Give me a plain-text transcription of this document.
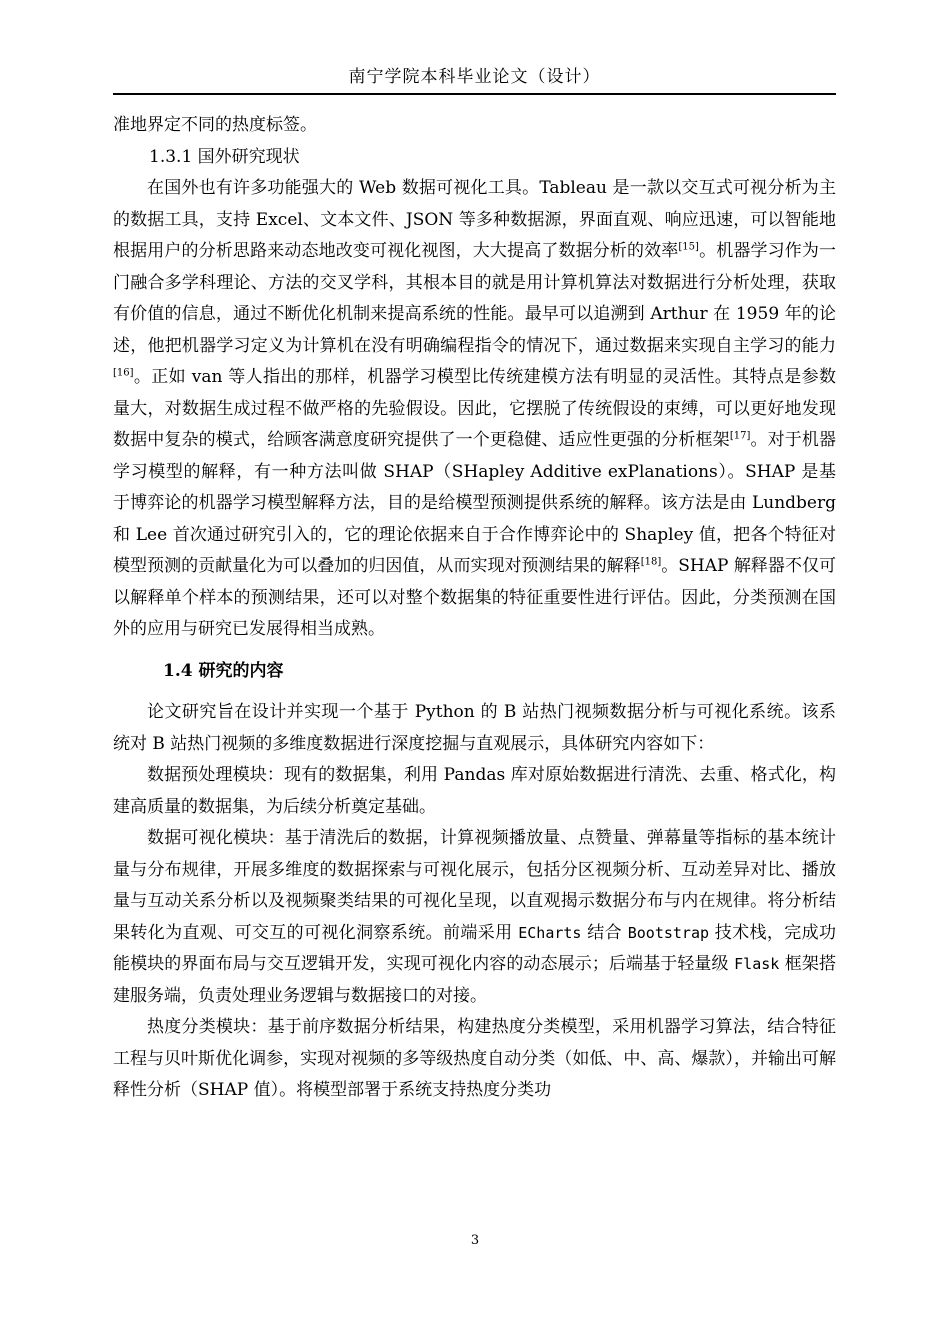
南宁学院本科毕业论文（设计）

准地界定不同的热度标签。

1.3.1 国外研究现状

在国外也有许多功能强大的 Web 数据可视化工具。Tableau 是一款以交互式可视分析为主的数据工具，支持 Excel、文本文件、JSON 等多种数据源，界面直观、响应迅速，可以智能地根据用户的分析思路来动态地改变可视化视图，大大提高了数据分析的效率[15]。机器学习作为一门融合多学科理论、方法的交叉学科，其根本目的就是用计算机算法对数据进行分析处理，获取有价值的信息，通过不断优化机制来提高系统的性能。最早可以追溯到 Arthur 在 1959 年的论述，他把机器学习定义为计算机在没有明确编程指令的情况下，通过数据来实现自主学习的能力[16]。正如 van 等人指出的那样，机器学习模型比传统建模方法有明显的灵活性。其特点是参数量大，对数据生成过程不做严格的先验假设。因此，它摆脱了传统假设的束缚，可以更好地发现数据中复杂的模式，给顾客满意度研究提供了一个更稳健、适应性更强的分析框架[17]。对于机器学习模型的解释，有一种方法叫做 SHAP（SHapley Additive exPlanations）。SHAP 是基于博弈论的机器学习模型解释方法，目的是给模型预测提供系统的解释。该方法是由 Lundberg 和 Lee 首次通过研究引入的，它的理论依据来自于合作博弈论中的 Shapley 值，把各个特征对模型预测的贡献量化为可以叠加的归因值，从而实现对预测结果的解释[18]。SHAP 解释器不仅可以解释单个样本的预测结果，还可以对整个数据集的特征重要性进行评估。因此，分类预测在国外的应用与研究已发展得相当成熟。

1.4 研究的内容

论文研究旨在设计并实现一个基于 Python 的 B 站热门视频数据分析与可视化系统。该系统对 B 站热门视频的多维度数据进行深度挖掘与直观展示，具体研究内容如下：

数据预处理模块：现有的数据集，利用 Pandas 库对原始数据进行清洗、去重、格式化，构建高质量的数据集，为后续分析奠定基础。

数据可视化模块：基于清洗后的数据，计算视频播放量、点赞量、弹幕量等指标的基本统计量与分布规律，开展多维度的数据探索与可视化展示，包括分区视频分析、互动差异对比、播放量与互动关系分析以及视频聚类结果的可视化呈现，以直观揭示数据分布与内在规律。将分析结果转化为直观、可交互的可视化洞察系统。前端采用 ECharts 结合 Bootstrap 技术栈，完成功能模块的界面布局与交互逻辑开发，实现可视化内容的动态展示；后端基于轻量级 Flask 框架搭建服务端，负责处理业务逻辑与数据接口的对接。

热度分类模块：基于前序数据分析结果，构建热度分类模型，采用机器学习算法，结合特征工程与贝叶斯优化调参，实现对视频的多等级热度自动分类（如低、中、高、爆款），并输出可解释性分析（SHAP 值）。将模型部署于系统支持热度分类功

3
